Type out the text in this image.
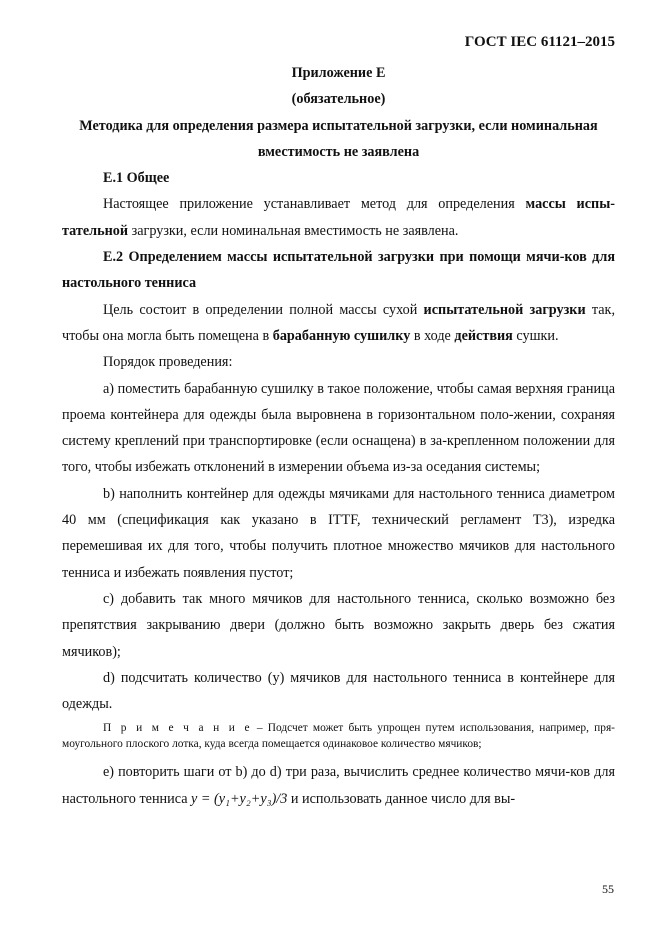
ГОСТ IEC 61121–2015

Приложение Е

(обязательное)

Методика для определения размера испытательной загрузки, если номинальная вместимость не заявлена

Е.1 Общее

Настоящее приложение устанавливает метод для определения массы испы-тательной загрузки, если номинальная вместимость не заявлена.

Е.2 Определением массы испытательной загрузки при помощи мячи-ков для настольного тенниса

Цель состоит в определении полной массы сухой испытательной загрузки так, чтобы она могла быть помещена в барабанную сушилку в ходе действия сушки.

Порядок проведения:

а) поместить барабанную сушилку в такое положение, чтобы самая верхняя граница проема контейнера для одежды была выровнена в горизонтальном поло-жении, сохраняя систему креплений при транспортировке (если оснащена) в за-крепленном положении для того, чтобы избежать отклонений в измерении объема из-за оседания системы;

b) наполнить контейнер для одежды мячиками для настольного тенниса диаметром 40 мм (спецификация как указано в ITTF, технический регламент Т3), изредка перемешивая их для того, чтобы получить плотное множество мячиков для настольного тенниса и избежать появления пустот;

c) добавить так много мячиков для настольного тенниса, сколько возможно без препятствия закрыванию двери (должно быть возможно закрыть дверь без сжатия мячиков);

d) подсчитать количество (y) мячиков для настольного тенниса в контейнере для одежды.

П р и м е ч а н и е – Подсчет может быть упрощен путем использования, например, пря-моугольного плоского лотка, куда всегда помещается одинаковое количество мячиков;

e) повторить шаги от b) до d) три раза, вычислить среднее количество мячи-ков для настольного тенниса y = (y₁+y₂+y₃)/3 и использовать данное число для вы-

55
